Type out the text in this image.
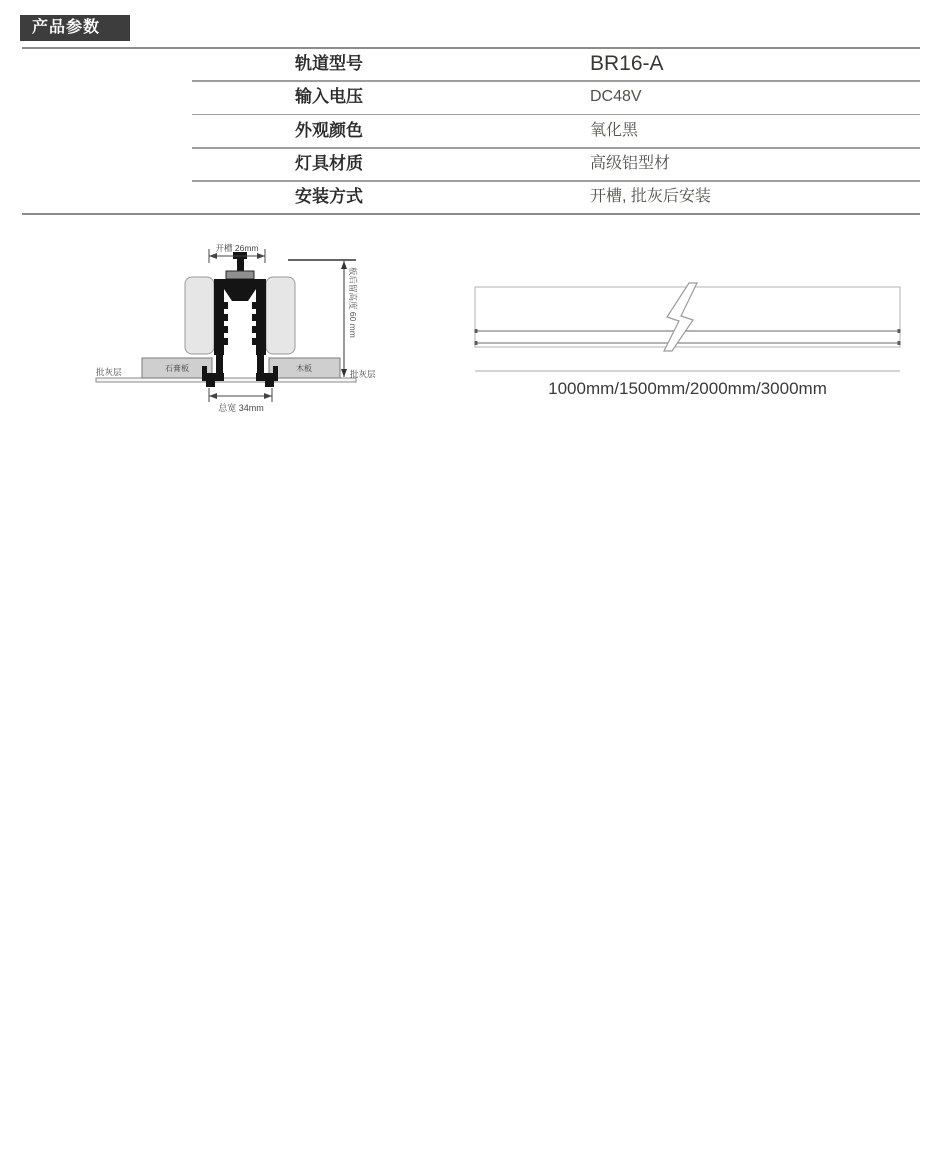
产品参数
轨道型号	BR16-A
输入电压	DC48V
外观颜色	氧化黑
灯具材质	高级铝型材
安装方式	开槽, 批灰后安装
开槽 26mm
板后留高度 60 mm
总宽 34mm
批灰层	石膏板	木板
批灰层
1000mm/1500mm/2000mm/3000mm
